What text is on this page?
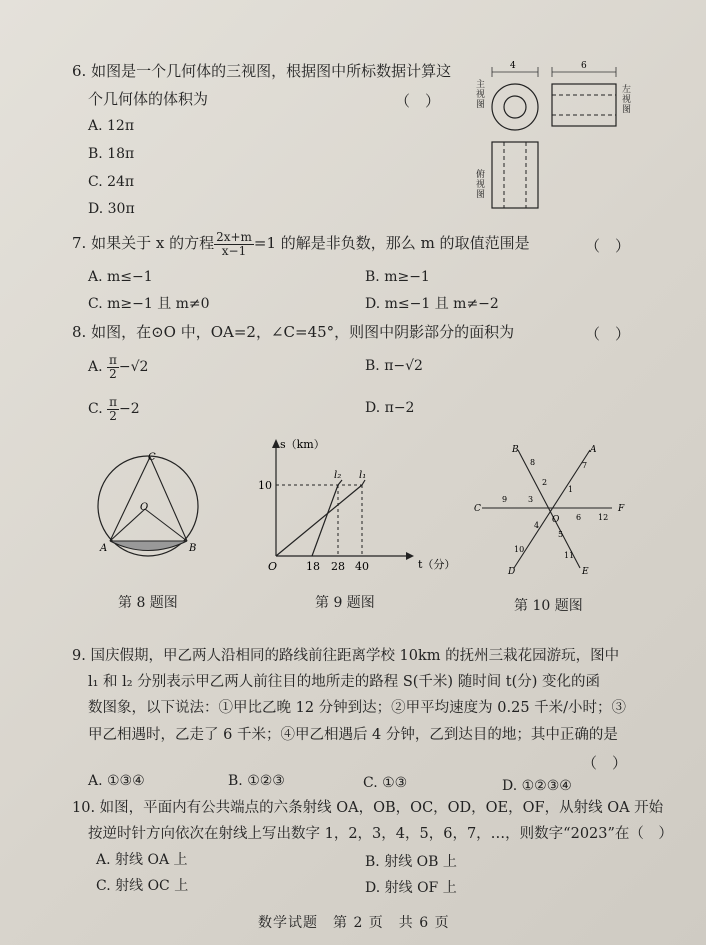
6. 如图是一个几何体的三视图，根据图中所标数据计算这
个几何体的体积为	（　）
A. 12π
B. 18π
C. 24π
D. 30π
4	6
主视图
左视图
俯视图
7. 如果关于 x 的方程 $\frac{2x+m}{x-1} =1$ 的解是非负数，那么 m 的取值范围是	（　）
A. m≤−1	B. m≥−1
C. m≥−1 且 m≠0	D. m≤−1 且 m≠−2
8. 如图，在⊙O 中，OA=2，∠C=45°，则图中阴影部分的面积为	（　）
A. $\frac{\pi}{2} -√2$	B. π−√2
C. $\frac{\pi}{2} -2$	D. π−2
C
O
A	B
第 8 题图
s（km）
t（分）
O
10
18 28 40
l₂ l₁
第 9 题图
A
B
C
D	E
F
O
1
2
3
4
5
6
7
8
9
10
11
12
第 10 题图
9. 国庆假期，甲乙两人沿相同的路线前往距离学校 10km 的抚州三栽花园游玩，图中
l₁ 和 l₂ 分别表示甲乙两人前往目的地所走的路程 S(千米) 随时间 t(分) 变化的函
数图象，以下说法：①甲比乙晚 12 分钟到达；②甲平均速度为 0.25 千米/小时；③
甲乙相遇时，乙走了 6 千米；④甲乙相遇后 4 分钟，乙到达目的地；其中正确的是
（　）
A. ①③④	B. ①②③	C. ①③	D. ①②③④
10. 如图，平面内有公共端点的六条射线 OA，OB，OC，OD，OE，OF，从射线 OA 开始
按逆时针方向依次在射线上写出数字 1，2，3，4，5，6，7，…，则数字“2023”在（　）
A. 射线 OA 上	B. 射线 OB 上
C. 射线 OC 上	D. 射线 OF 上
数学试题　第 2 页　共 6 页
